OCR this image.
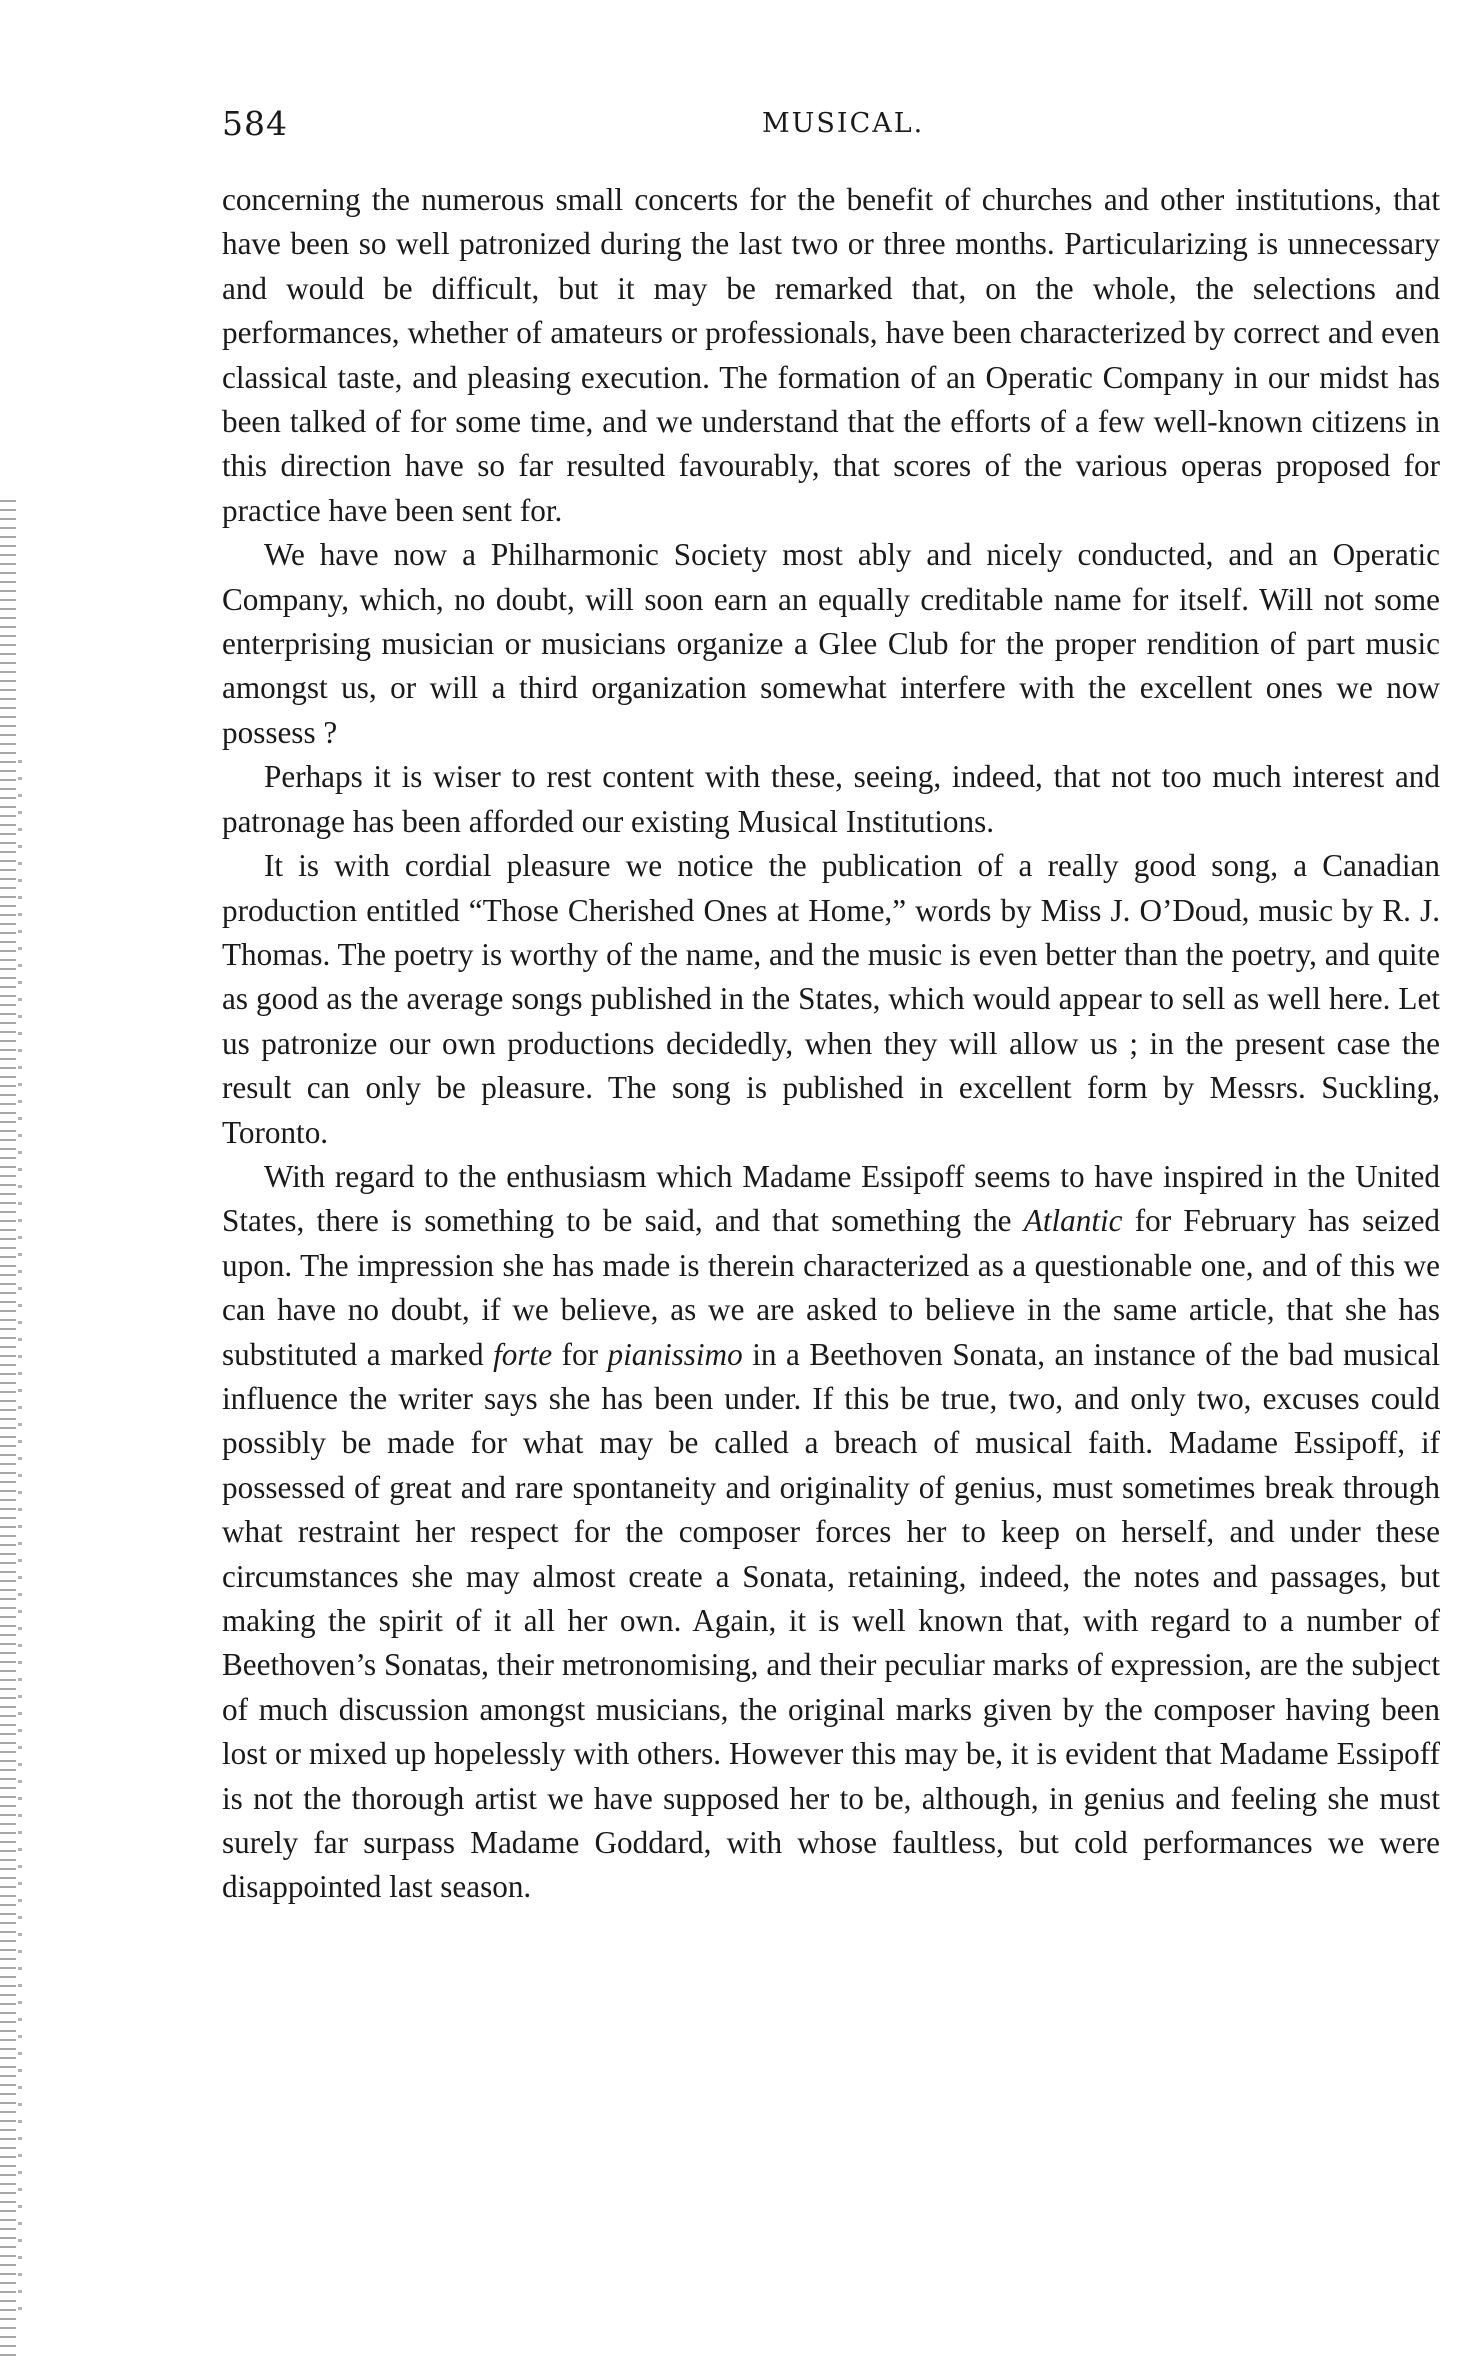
584	MUSICAL.

concerning the numerous small concerts for the benefit of churches and other institutions, that have been so well patronized during the last two or three months. Particularizing is unnecessary and would be difficult, but it may be remarked that, on the whole, the selections and performances, whether of amateurs or professionals, have been characterized by correct and even classical taste, and pleasing execution. The formation of an Operatic Company in our midst has been talked of for some time, and we understand that the efforts of a few well-known citizens in this direction have so far resulted favourably, that scores of the various operas proposed for practice have been sent for.

We have now a Philharmonic Society most ably and nicely conducted, and an Operatic Company, which, no doubt, will soon earn an equally creditable name for itself. Will not some enterprising musician or musicians organize a Glee Club for the proper rendition of part music amongst us, or will a third organization somewhat interfere with the excellent ones we now possess ?

Perhaps it is wiser to rest content with these, seeing, indeed, that not too much interest and patronage has been afforded our existing Musical Institutions.

It is with cordial pleasure we notice the publication of a really good song, a Canadian production entitled “Those Cherished Ones at Home,” words by Miss J. O’Doud, music by R. J. Thomas. The poetry is worthy of the name, and the music is even better than the poetry, and quite as good as the average songs published in the States, which would appear to sell as well here. Let us patronize our own productions decidedly, when they will allow us ; in the present case the result can only be pleasure. The song is published in excellent form by Messrs. Suckling, Toronto.

With regard to the enthusiasm which Madame Essipoff seems to have inspired in the United States, there is something to be said, and that something the Atlantic for February has seized upon. The impression she has made is therein characterized as a questionable one, and of this we can have no doubt, if we believe, as we are asked to believe in the same article, that she has substituted a marked forte for pianissimo in a Beethoven Sonata, an instance of the bad musical influence the writer says she has been under. If this be true, two, and only two, excuses could possibly be made for what may be called a breach of musical faith. Madame Essipoff, if possessed of great and rare spontaneity and originality of genius, must sometimes break through what restraint her respect for the composer forces her to keep on herself, and under these circumstances she may almost create a Sonata, retaining, indeed, the notes and passages, but making the spirit of it all her own. Again, it is well known that, with regard to a number of Beethoven’s Sonatas, their metronomising, and their peculiar marks of expression, are the subject of much discussion amongst musicians, the original marks given by the composer having been lost or mixed up hopelessly with others. However this may be, it is evident that Madame Essipoff is not the thorough artist we have supposed her to be, although, in genius and feeling she must surely far surpass Madame Goddard, with whose faultless, but cold performances we were disappointed last season.
